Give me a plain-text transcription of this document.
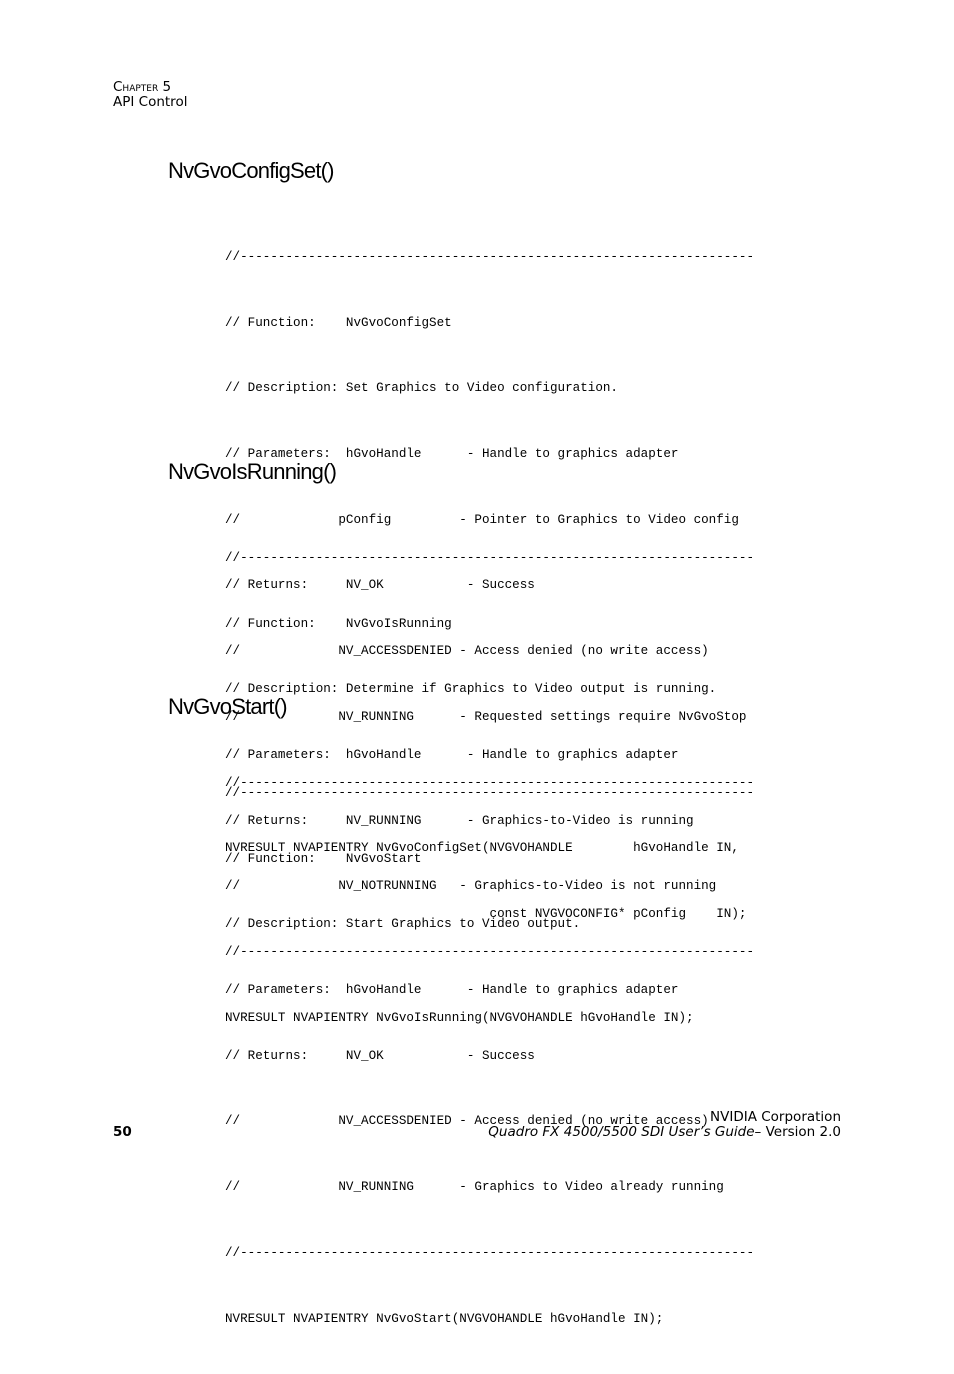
Chapter 5
API Control
NvGvoConfigSet()

//--------------------------------------------------------------------

// Function:    NvGvoConfigSet

// Description: Set Graphics to Video configuration.

// Parameters:  hGvoHandle      - Handle to graphics adapter

//             pConfig         - Pointer to Graphics to Video config

// Returns:     NV_OK           - Success

//             NV_ACCESSDENIED - Access denied (no write access)

//             NV_RUNNING      - Requested settings require NvGvoStop

//--------------------------------------------------------------------

NVRESULT NVAPIENTRY NvGvoConfigSet(NVGVOHANDLE        hGvoHandle IN,

const NVGVOCONFIG* pConfig    IN);

NvGvoIsRunning()

//--------------------------------------------------------------------

// Function:    NvGvoIsRunning

// Description: Determine if Graphics to Video output is running.

// Parameters:  hGvoHandle      - Handle to graphics adapter

// Returns:     NV_RUNNING      - Graphics-to-Video is running

//             NV_NOTRUNNING   - Graphics-to-Video is not running

//--------------------------------------------------------------------

NVRESULT NVAPIENTRY NvGvoIsRunning(NVGVOHANDLE hGvoHandle IN);

NvGvoStart()

//--------------------------------------------------------------------

// Function:    NvGvoStart

// Description: Start Graphics to Video output.

// Parameters:  hGvoHandle      - Handle to graphics adapter

// Returns:     NV_OK           - Success

//             NV_ACCESSDENIED - Access denied (no write access)

//             NV_RUNNING      - Graphics to Video already running

//--------------------------------------------------------------------

NVRESULT NVAPIENTRY NvGvoStart(NVGVOHANDLE hGvoHandle IN);

50
NVIDIA Corporation
Quadro FX 4500/5500 SDI User’s Guide– Version 2.0
